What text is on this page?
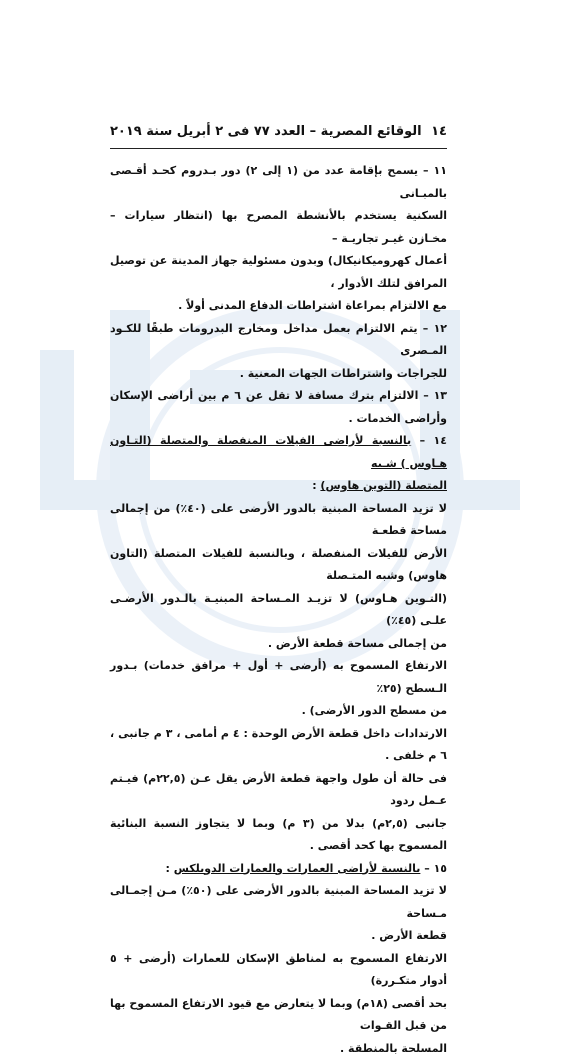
١٤
الوقائع المصرية – العدد ٧٧ فى ٢ أبريل سنة ٢٠١٩

١١ – يسمح بإقامة عدد من (١ إلى ٢) دور بـدروم كحـد أقـصى بالمبـانى

السكنية يستخدم بالأنشطة المصرح بها (انتظار سيارات – مخـازن غيـر تجاريـة –

أعمال كهروميكانيكال) وبدون مسئولية جهاز المدينة عن توصيل المرافق لتلك الأدوار ،

مع الالتزام بمراعاة اشتراطات الدفاع المدنى أولاً .

١٢ – يتم الالتزام بعمل مداخل ومخارج البدرومات طبقًا للكـود المـصرى

للجراجات واشتراطات الجهات المعنية .

١٣ – الالتزام بترك مسافة لا تقل عن ٦ م بين أراضى الإسكان وأراضى الخدمات .

١٤ – بالنسبة لأراضى الفيلات المنفصلة والمتصلة (التـاون هـاوس ) شـبه

المتصلة (التوين هاوس) :

لا تزيد المساحة المبنية بالدور الأرضى على (٤٠٪) من إجمالى مساحة قطعـة

الأرض للفيلات المنفصلة ، وبالنسبة للفيلات المتصلة (التاون هاوس) وشبه المتـصلة

(التـوين هـاوس) لا تزيـد المـساحة المبنيـة بالـدور الأرضـى علـى (٤٥٪)

من إجمالى مساحة قطعة الأرض .

الارتفاع المسموح به (أرضى + أول + مرافق خدمات) بـدور الـسطح (٢٥٪

من مسطح الدور الأرضى) .

الارتدادات داخل قطعة الأرض الوحدة : ٤ م أمامى ، ٣ م جانبى ، ٦ م خلفى .

فى حالة أن طول واجهة قطعة الأرض يقل عـن (٢٢,٥م) فيـتم عـمل ردود

جانبى (٢,٥م) بدلا من (٣ م) وبما لا يتجاوز النسبة البنائية المسموح بها كحد أقصى .

١٥ – بالنسبة لأراضى العمارات والعمارات الدوبلكس :

لا تزيد المساحة المبنية بالدور الأرضى على (٥٠٪) مـن إجمـالى مـساحة

قطعة الأرض .

الارتفاع المسموح به لمناطق الإسكان للعمارات (أرضى + ٥ أدوار متكـررة)

بحد أقصى (١٨م) وبما لا يتعارض مع قيود الارتفاع المسموح بها من قبل القـوات

المسلحة بالمنطقة .
